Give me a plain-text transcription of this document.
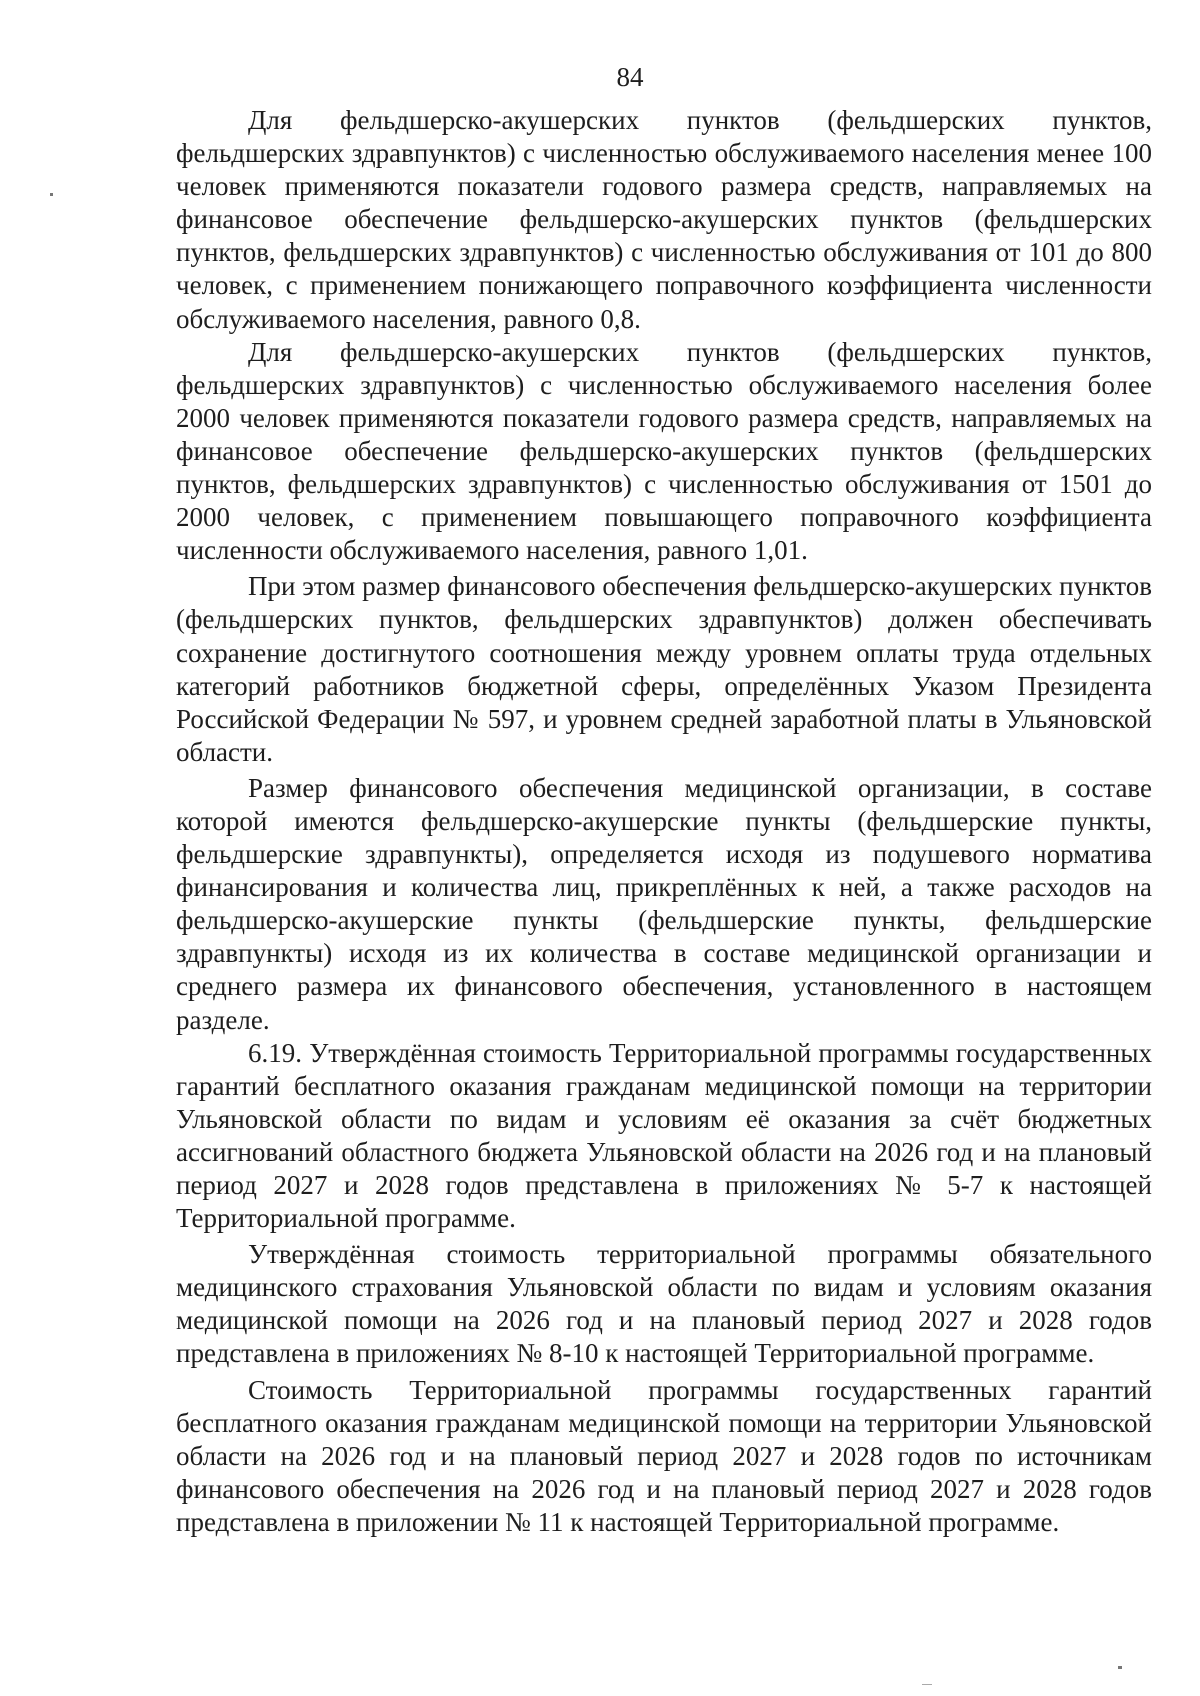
84

Для фельдшерско-акушерских пунктов (фельдшерских пунктов, фельдшерских здравпунктов) с численностью обслуживаемого населения менее 100 человек применяются показатели годового размера средств, направляемых на финансовое обеспечение фельдшерско-акушерских пунктов (фельдшерских пунктов, фельдшерских здравпунктов) с численностью обслуживания от 101 до 800 человек, с применением понижающего поправочного коэффициента численности обслуживаемого населения, равного 0,8.

Для фельдшерско-акушерских пунктов (фельдшерских пунктов, фельдшерских здравпунктов) с численностью обслуживаемого населения более 2000 человек применяются показатели годового размера средств, направляемых на финансовое обеспечение фельдшерско-акушерских пунктов (фельдшерских пунктов, фельдшерских здравпунктов) с численностью обслуживания от 1501 до 2000 человек, с применением повышающего поправочного коэффициента численности обслуживаемого населения, равного 1,01.

При этом размер финансового обеспечения фельдшерско-акушерских пунктов (фельдшерских пунктов, фельдшерских здравпунктов) должен обеспечивать сохранение достигнутого соотношения между уровнем оплаты труда отдельных категорий работников бюджетной сферы, определённых Указом Президента Российской Федерации № 597, и уровнем средней заработной платы в Ульяновской области.

Размер финансового обеспечения медицинской организации, в составе которой имеются фельдшерско-акушерские пункты (фельдшерские пункты, фельдшерские здравпункты), определяется исходя из подушевого норматива финансирования и количества лиц, прикреплённых к ней, а также расходов на фельдшерско-акушерские пункты (фельдшерские пункты, фельдшерские здравпункты) исходя из их количества в составе медицинской организации и среднего размера их финансового обеспечения, установленного в настоящем разделе.

6.19. Утверждённая стоимость Территориальной программы государственных гарантий бесплатного оказания гражданам медицинской помощи на территории Ульяновской области по видам и условиям её оказания за счёт бюджетных ассигнований областного бюджета Ульяновской области на 2026 год и на плановый период 2027 и 2028 годов представлена в приложениях № 5-7 к настоящей Территориальной программе.

Утверждённая стоимость территориальной программы обязательного медицинского страхования Ульяновской области по видам и условиям оказания медицинской помощи на 2026 год и на плановый период 2027 и 2028 годов представлена в приложениях № 8-10 к настоящей Территориальной программе.

Стоимость Территориальной программы государственных гарантий бесплатного оказания гражданам медицинской помощи на территории Ульяновской области на 2026 год и на плановый период 2027 и 2028 годов по источникам финансового обеспечения на 2026 год и на плановый период 2027 и 2028 годов представлена в приложении № 11 к настоящей Территориальной программе.
